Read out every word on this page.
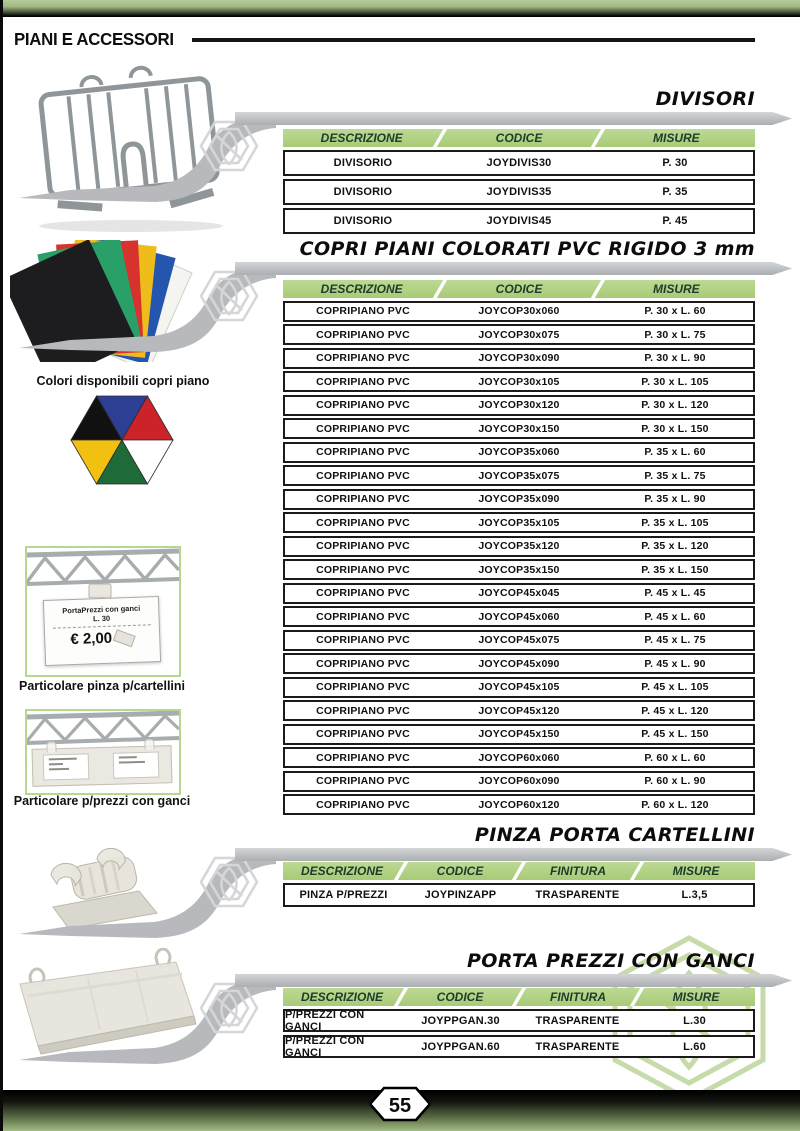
PIANI E ACCESSORI
Colori disponibili copri piano
PortaPrezzi con ganci
L. 30
€ 2,00
Particolare pinza p/cartellini
Particolare p/prezzi con ganci
DIVISORI
DESCRIZIONE	CODICE	MISURE
DIVISORIO	JOYDIVIS30	P. 30
DIVISORIO	JOYDIVIS35	P. 35
DIVISORIO	JOYDIVIS45	P. 45
COPRI PIANI COLORATI PVC RIGIDO 3 mm
DESCRIZIONE	CODICE	MISURE
COPRIPIANO PVC	JOYCOP30x060	P. 30 x L. 60
COPRIPIANO PVC	JOYCOP30x075	P. 30 x L. 75
COPRIPIANO PVC	JOYCOP30x090	P. 30 x L. 90
COPRIPIANO PVC	JOYCOP30x105	P. 30 x L. 105
COPRIPIANO PVC	JOYCOP30x120	P. 30 x L. 120
COPRIPIANO PVC	JOYCOP30x150	P. 30 x L. 150
COPRIPIANO PVC	JOYCOP35x060	P. 35 x L. 60
COPRIPIANO PVC	JOYCOP35x075	P. 35 x L. 75
COPRIPIANO PVC	JOYCOP35x090	P. 35 x L. 90
COPRIPIANO PVC	JOYCOP35x105	P. 35 x L. 105
COPRIPIANO PVC	JOYCOP35x120	P. 35 x L. 120
COPRIPIANO PVC	JOYCOP35x150	P. 35 x L. 150
COPRIPIANO PVC	JOYCOP45x045	P. 45 x L. 45
COPRIPIANO PVC	JOYCOP45x060	P. 45 x L. 60
COPRIPIANO PVC	JOYCOP45x075	P. 45 x L. 75
COPRIPIANO PVC	JOYCOP45x090	P. 45 x L. 90
COPRIPIANO PVC	JOYCOP45x105	P. 45 x L. 105
COPRIPIANO PVC	JOYCOP45x120	P. 45 x L. 120
COPRIPIANO PVC	JOYCOP45x150	P. 45 x L. 150
COPRIPIANO PVC	JOYCOP60x060	P. 60 x L. 60
COPRIPIANO PVC	JOYCOP60x090	P. 60 x L. 90
COPRIPIANO PVC	JOYCOP60x120	P. 60 x L. 120
PINZA PORTA CARTELLINI
DESCRIZIONE	CODICE	FINITURA	MISURE
PINZA P/PREZZI	JOYPINZAPP	TRASPARENTE	L.3,5
PORTA PREZZI CON GANCI
DESCRIZIONE	CODICE	FINITURA	MISURE
P/PREZZI CON GANCI	JOYPPGAN.30	TRASPARENTE	L.30
P/PREZZI CON GANCI	JOYPPGAN.60	TRASPARENTE	L.60
55
